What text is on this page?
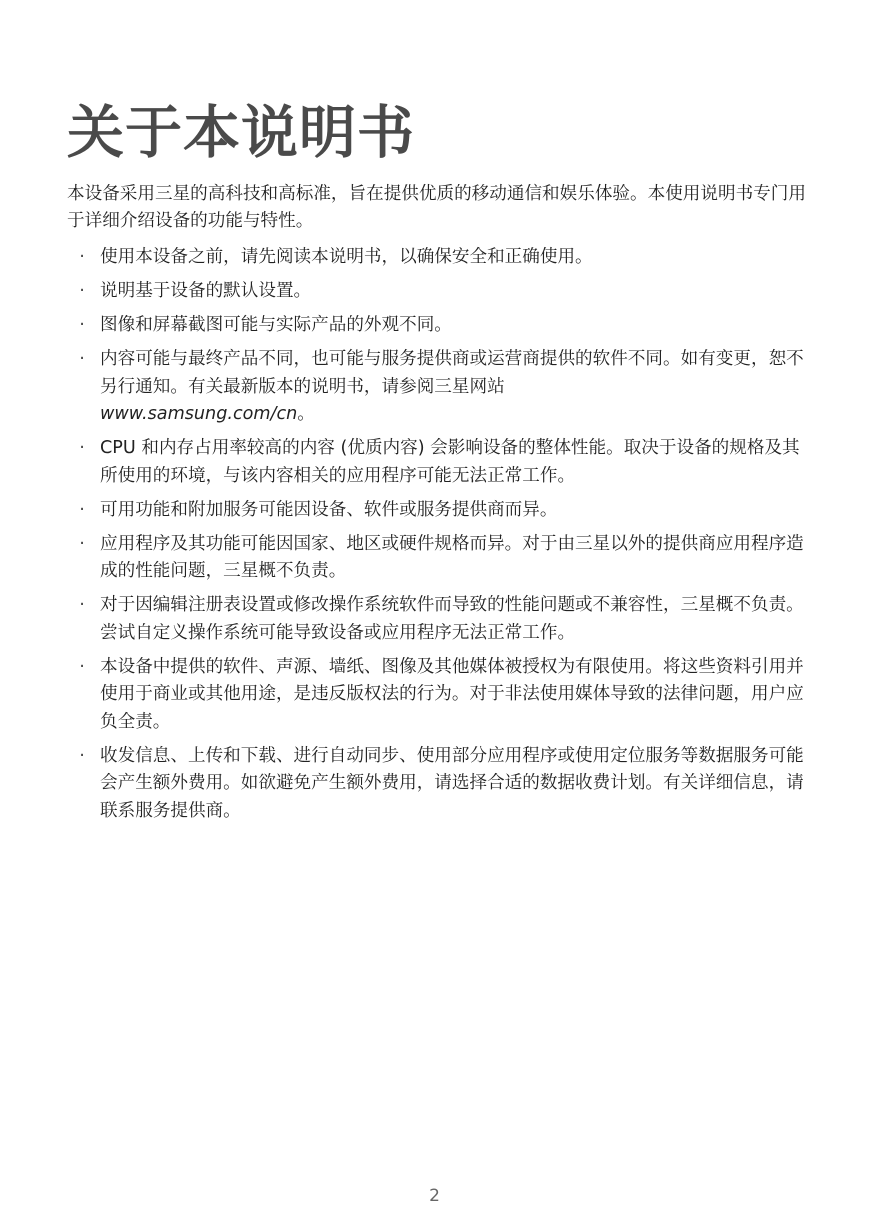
关于本说明书

本设备采用三星的高科技和高标准，旨在提供优质的移动通信和娱乐体验。本使用说明书专门用于详细介绍设备的功能与特性。

· 使用本设备之前，请先阅读本说明书，以确保安全和正确使用。
· 说明基于设备的默认设置。
· 图像和屏幕截图可能与实际产品的外观不同。
· 内容可能与最终产品不同，也可能与服务提供商或运营商提供的软件不同。如有变更，恕不另行通知。有关最新版本的说明书，请参阅三星网站
www.samsung.com/cn。
· CPU 和内存占用率较高的内容 (优质内容) 会影响设备的整体性能。取决于设备的规格及其所使用的环境，与该内容相关的应用程序可能无法正常工作。
· 可用功能和附加服务可能因设备、软件或服务提供商而异。
· 应用程序及其功能可能因国家、地区或硬件规格而异。对于由三星以外的提供商应用程序造成的性能问题，三星概不负责。
· 对于因编辑注册表设置或修改操作系统软件而导致的性能问题或不兼容性，三星概不负责。尝试自定义操作系统可能导致设备或应用程序无法正常工作。
· 本设备中提供的软件、声源、墙纸、图像及其他媒体被授权为有限使用。将这些资料引用并使用于商业或其他用途，是违反版权法的行为。对于非法使用媒体导致的法律问题，用户应负全责。
· 收发信息、上传和下载、进行自动同步、使用部分应用程序或使用定位服务等数据服务可能会产生额外费用。如欲避免产生额外费用，请选择合适的数据收费计划。有关详细信息，请联系服务提供商。
2
